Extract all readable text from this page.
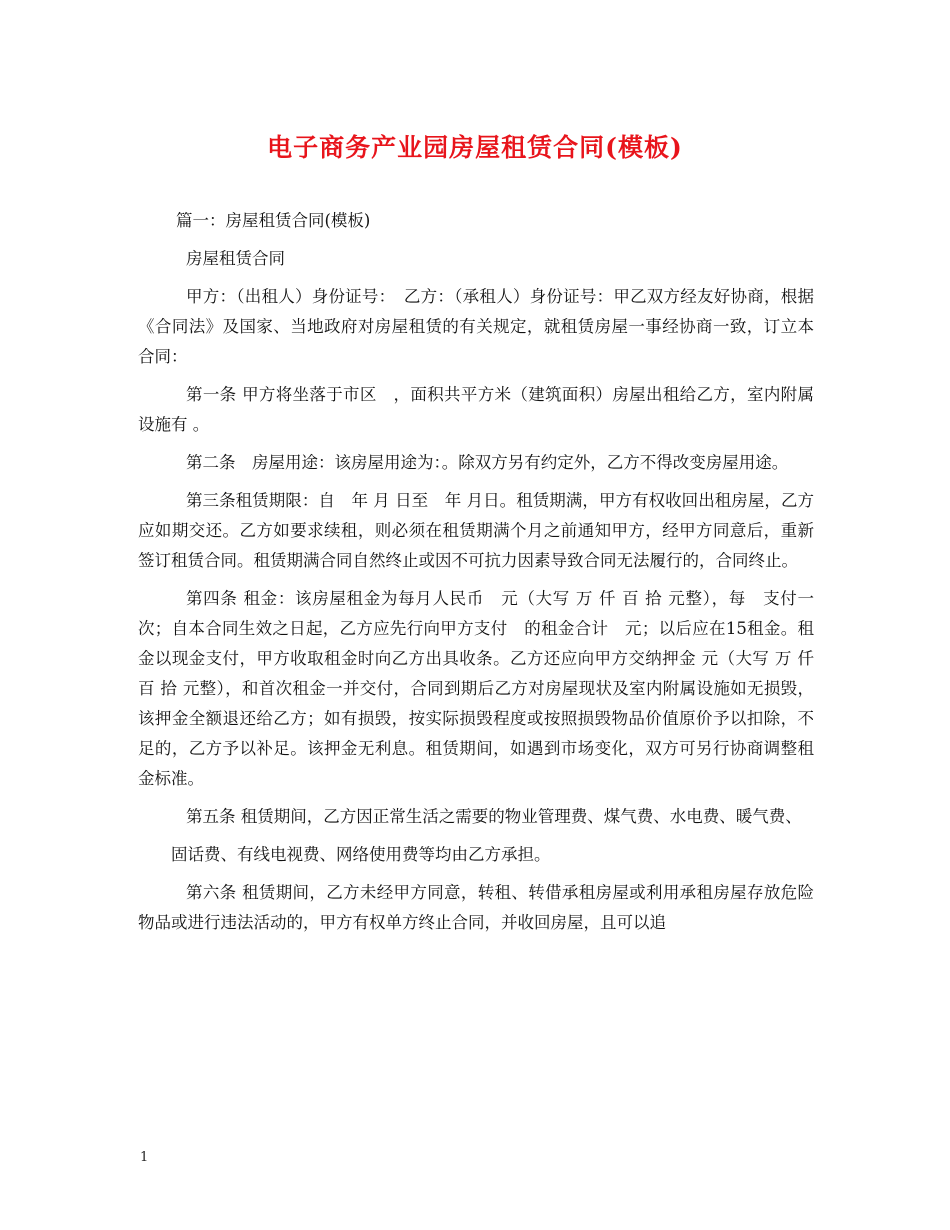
电子商务产业园房屋租赁合同(模板)

篇一：房屋租赁合同(模板)

房屋租赁合同

甲方：（出租人）身份证号：　乙方：（承租人）身份证号：甲乙双方经友好协商，根据《合同法》及国家、当地政府对房屋租赁的有关规定，就租赁房屋一事经协商一致，订立本合同：

第一条 甲方将坐落于市区　，面积共平方米（建筑面积）房屋出租给乙方，室内附属设施有 。

第二条　房屋用途：该房屋用途为：。除双方另有约定外，乙方不得改变房屋用途。

第三条租赁期限：自　年 月 日至　年 月日。租赁期满，甲方有权收回出租房屋，乙方应如期交还。乙方如要求续租，则必须在租赁期满个月之前通知甲方，经甲方同意后，重新签订租赁合同。租赁期满合同自然终止或因不可抗力因素导致合同无法履行的，合同终止。

第四条 租金：该房屋租金为每月人民币　元（大写 万 仟 百 拾 元整），每　支付一次；自本合同生效之日起，乙方应先行向甲方支付　的租金合计　元；以后应在15租金。租金以现金支付，甲方收取租金时向乙方出具收条。乙方还应向甲方交纳押金 元（大写 万 仟 百 拾 元整），和首次租金一并交付，合同到期后乙方对房屋现状及室内附属设施如无损毁，该押金全额退还给乙方；如有损毁，按实际损毁程度或按照损毁物品价值原价予以扣除，不足的，乙方予以补足。该押金无利息。租赁期间，如遇到市场变化，双方可另行协商调整租金标准。

第五条 租赁期间，乙方因正常生活之需要的物业管理费、煤气费、水电费、暖气费、

固话费、有线电视费、网络使用费等均由乙方承担。

第六条 租赁期间，乙方未经甲方同意，转租、转借承租房屋或利用承租房屋存放危险物品或进行违法活动的，甲方有权单方终止合同，并收回房屋，且可以追

1
